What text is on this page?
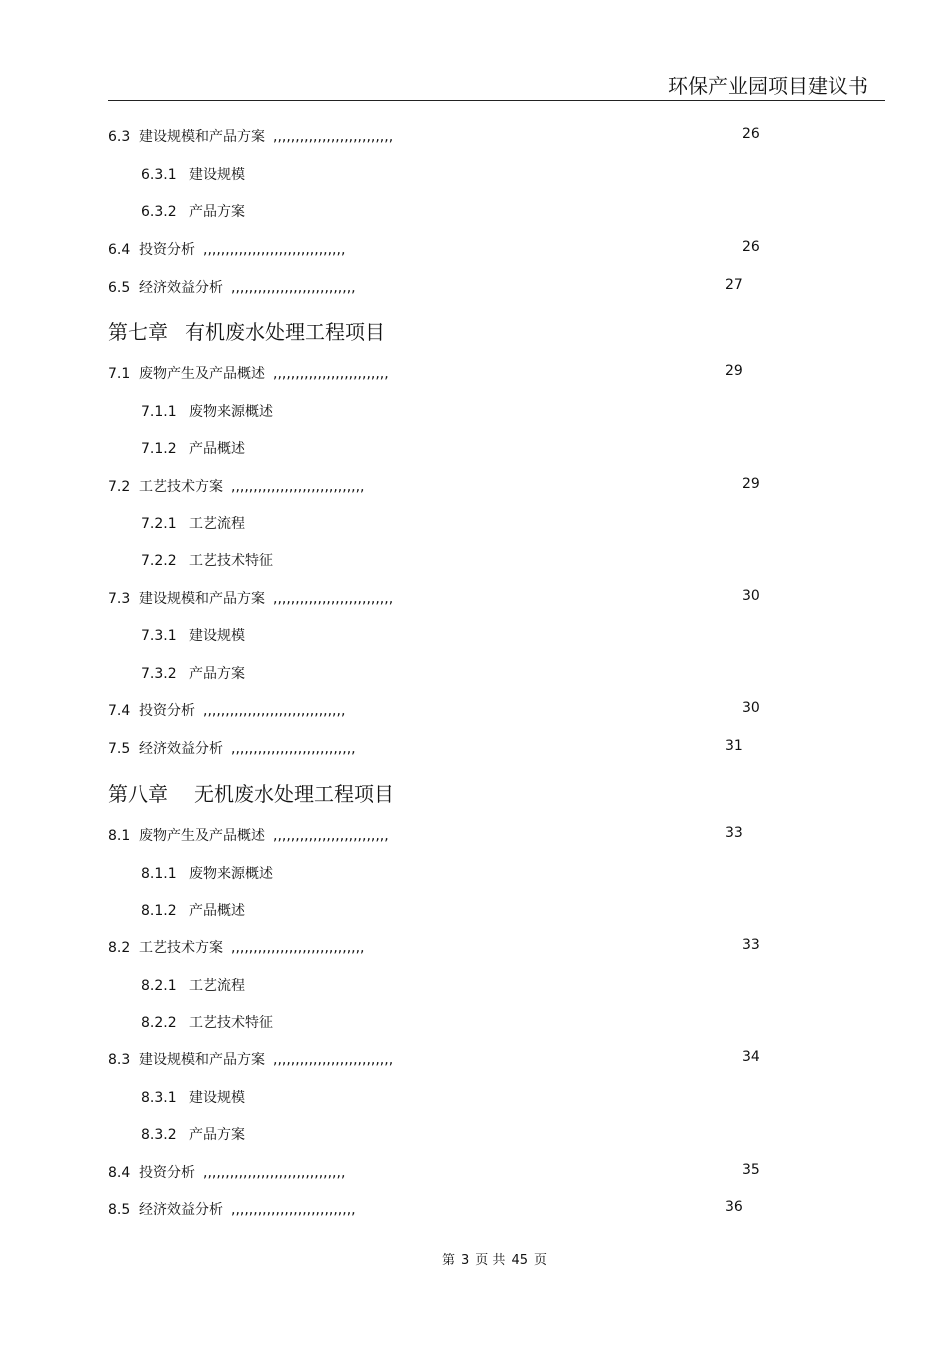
环保产业园项目建议书
6.3 建设规模和产品方案 ,,,,,,,,,,,,,,,,,,,,,,,,,,,	26
6.3.1 建设规模
6.3.2 产品方案
6.4 投资分析 ,,,,,,,,,,,,,,,,,,,,,,,,,,,,,,,,	26
6.5 经济效益分析 ,,,,,,,,,,,,,,,,,,,,,,,,,,,,	27
第七章 有机废水处理工程项目
7.1 废物产生及产品概述 ,,,,,,,,,,,,,,,,,,,,,,,,,,	29
7.1.1 废物来源概述
7.1.2 产品概述
7.2 工艺技术方案 ,,,,,,,,,,,,,,,,,,,,,,,,,,,,,,	29
7.2.1 工艺流程
7.2.2 工艺技术特征
7.3 建设规模和产品方案 ,,,,,,,,,,,,,,,,,,,,,,,,,,,	30
7.3.1 建设规模
7.3.2 产品方案
7.4 投资分析 ,,,,,,,,,,,,,,,,,,,,,,,,,,,,,,,,	30
7.5 经济效益分析 ,,,,,,,,,,,,,,,,,,,,,,,,,,,,	31
第八章 无机废水处理工程项目
8.1 废物产生及产品概述 ,,,,,,,,,,,,,,,,,,,,,,,,,,	33
8.1.1 废物来源概述
8.1.2 产品概述
8.2 工艺技术方案 ,,,,,,,,,,,,,,,,,,,,,,,,,,,,,,	33
8.2.1 工艺流程
8.2.2 工艺技术特征
8.3 建设规模和产品方案 ,,,,,,,,,,,,,,,,,,,,,,,,,,,	34
8.3.1 建设规模
8.3.2 产品方案
8.4 投资分析 ,,,,,,,,,,,,,,,,,,,,,,,,,,,,,,,,	35
8.5 经济效益分析 ,,,,,,,,,,,,,,,,,,,,,,,,,,,,	36
第 3 页 共 45 页
